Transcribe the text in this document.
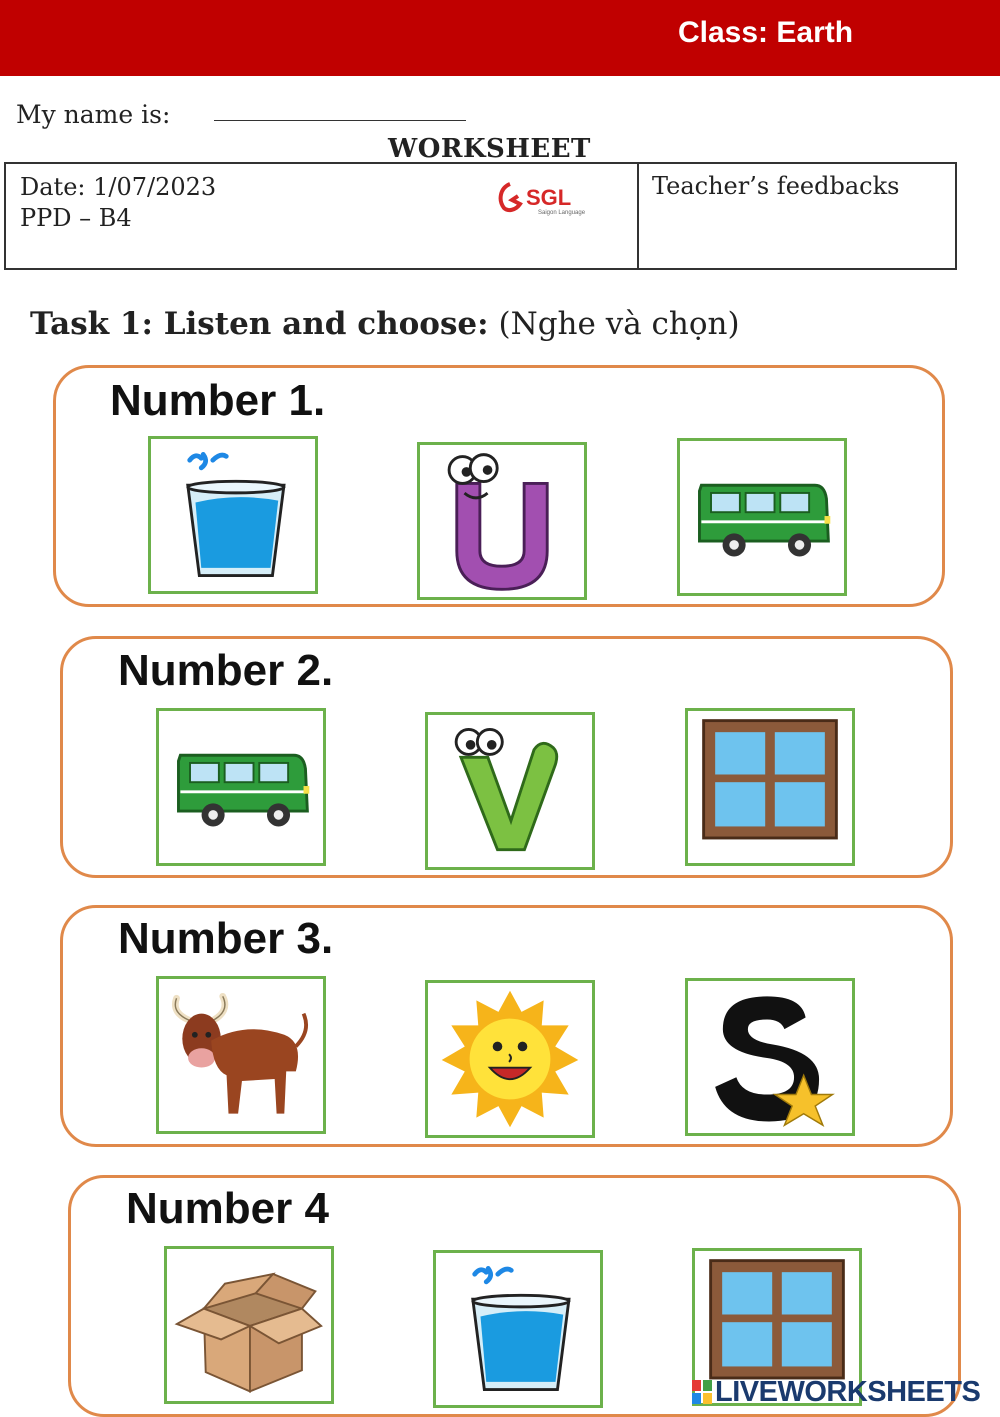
Class: Earth
My name is:
WORKSHEET
Date: 1/07/2023
PPD – B4
SGL
Saigon Language
Teacher’s feedbacks
Task 1: Listen and choose: (Nghe và chọn)
Number 1.
Number 2.
Number 3.
Number 4
LIVEWORKSHEETS
